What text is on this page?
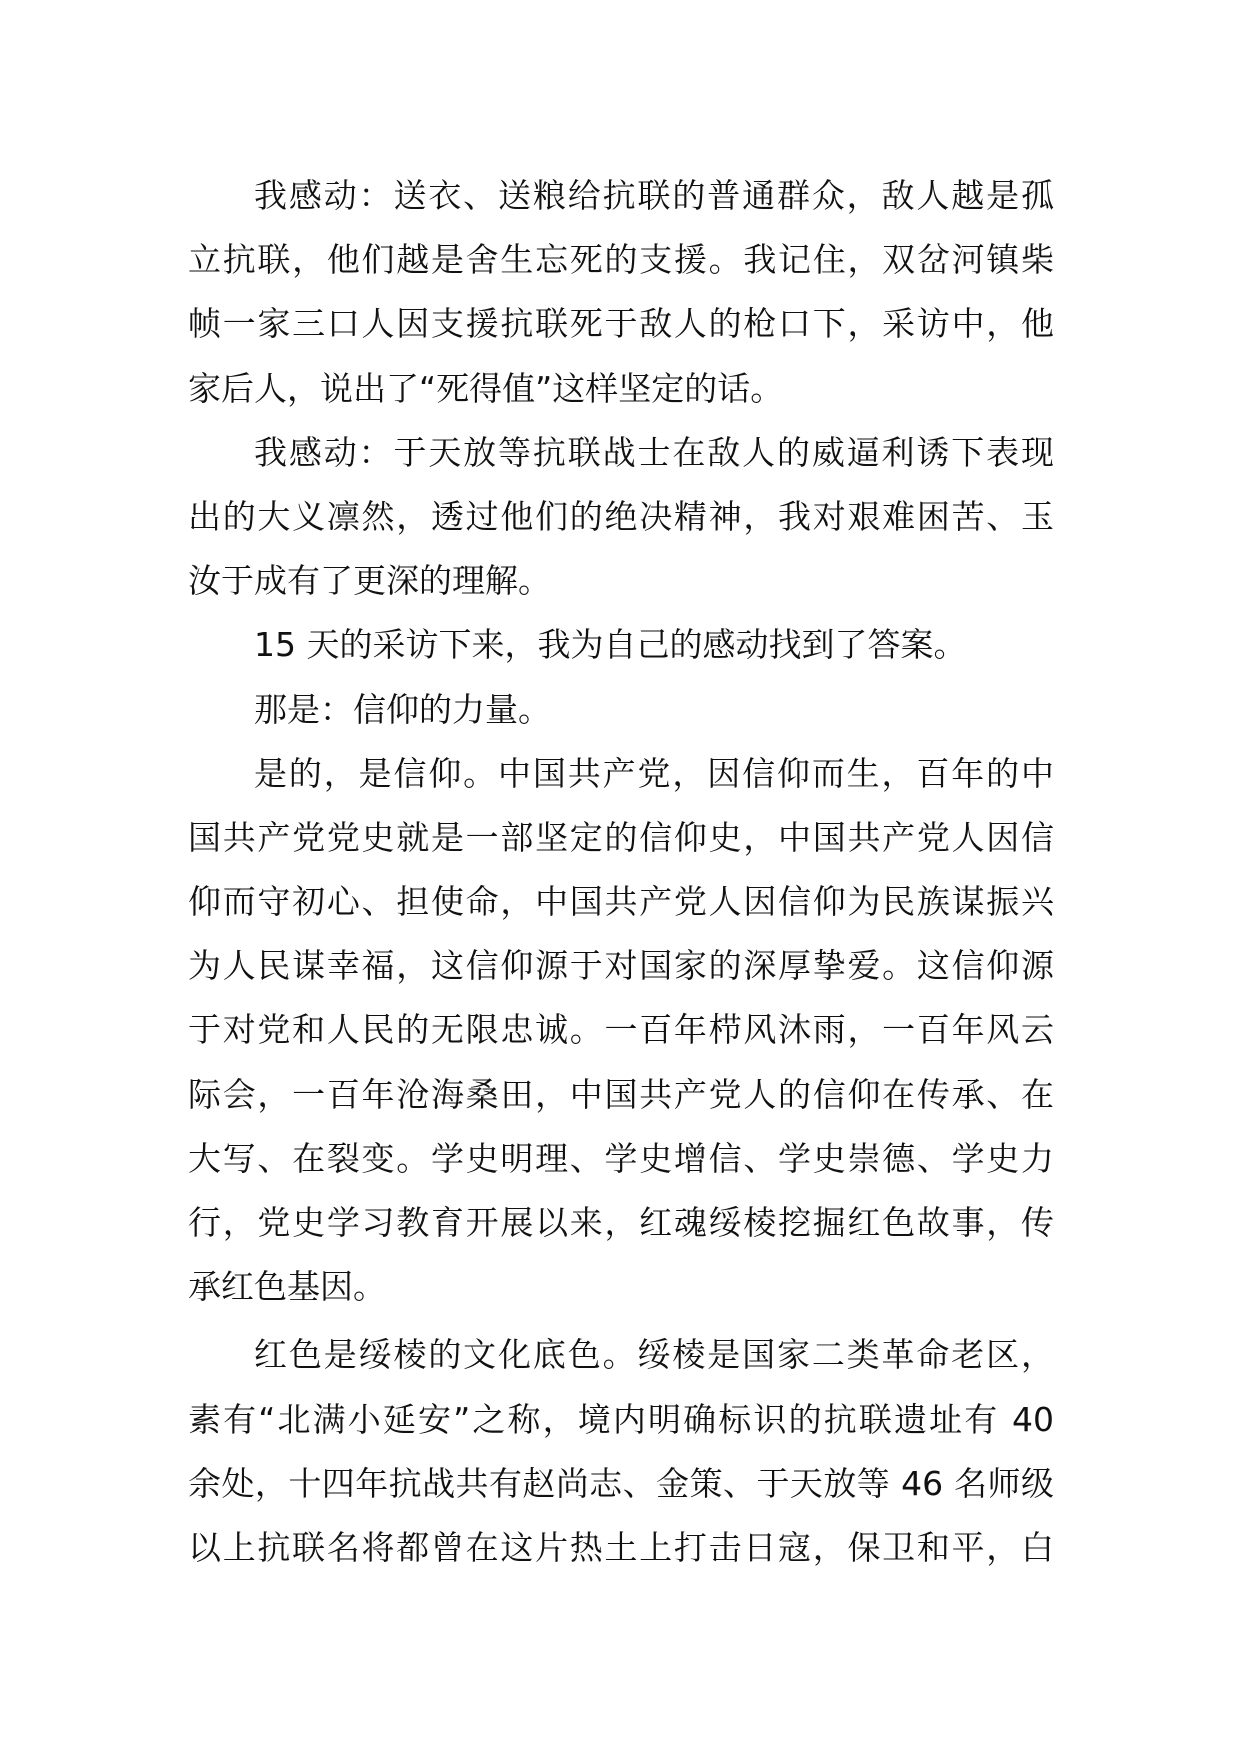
我感动：送衣、送粮给抗联的普通群众，敌人越是孤
立抗联，他们越是舍生忘死的支援。我记住，双岔河镇柴
帧一家三口人因支援抗联死于敌人的枪口下，采访中，他
家后人，说出了“死得值”这样坚定的话。
我感动：于天放等抗联战士在敌人的威逼利诱下表现
出的大义凛然，透过他们的绝决精神，我对艰难困苦、玉
汝于成有了更深的理解。
15 天的采访下来，我为自己的感动找到了答案。
那是：信仰的力量。
是的，是信仰。中国共产党，因信仰而生，百年的中
国共产党党史就是一部坚定的信仰史，中国共产党人因信
仰而守初心、担使命，中国共产党人因信仰为民族谋振兴
为人民谋幸福，这信仰源于对国家的深厚挚爱。这信仰源
于对党和人民的无限忠诚。一百年栉风沐雨，一百年风云
际会，一百年沧海桑田，中国共产党人的信仰在传承、在
大写、在裂变。学史明理、学史增信、学史崇德、学史力
行，党史学习教育开展以来，红魂绥棱挖掘红色故事，传
承红色基因。
红色是绥棱的文化底色。绥棱是国家二类革命老区，
素有“北满小延安”之称，境内明确标识的抗联遗址有 40
余处，十四年抗战共有赵尚志、金策、于天放等 46 名师级
以上抗联名将都曾在这片热土上打击日寇，保卫和平，白
